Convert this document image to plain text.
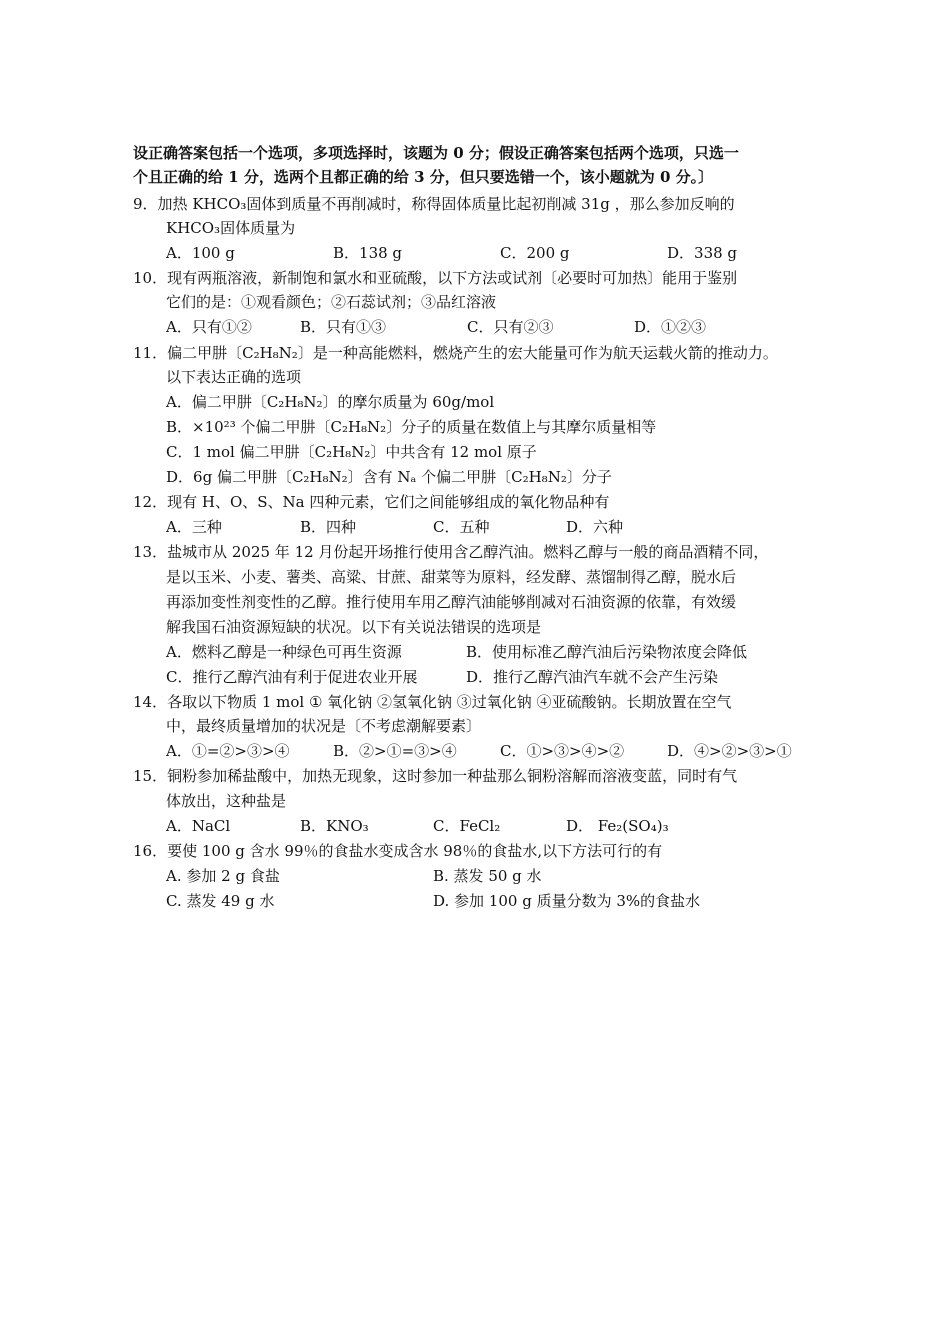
设正确答案包括一个选项，多项选择时，该题为 0 分；假设正确答案包括两个选项，只选一
个且正确的给 1 分，选两个且都正确的给 3 分，但只要选错一个，该小题就为 0 分。〕
9．加热 KHCO₃固体到质量不再削减时，称得固体质量比起初削减 31g ，那么参加反响的
KHCO₃固体质量为
A．100 g	B．138 g	C．200 g	D．338 g
10．现有两瓶溶液，新制饱和氯水和亚硫酸，以下方法或试剂〔必要时可加热〕能用于鉴别
它们的是：①观看颜色；②石蕊试剂；③品红溶液
A．只有①②	B．只有①③	C．只有②③	D．①②③
11．偏二甲肼〔C₂H₈N₂〕是一种高能燃料，燃烧产生的宏大能量可作为航天运载火箭的推动力。
以下表达正确的选项
A．偏二甲肼〔C₂H₈N₂〕的摩尔质量为 60g/mol
B．×10²³ 个偏二甲肼〔C₂H₈N₂〕分子的质量在数值上与其摩尔质量相等
C．1 mol 偏二甲肼〔C₂H₈N₂〕中共含有 12 mol 原子
D．6g 偏二甲肼〔C₂H₈N₂〕含有 Nₐ 个偏二甲肼〔C₂H₈N₂〕分子
12．现有 H、O、S、Na 四种元素，它们之间能够组成的氧化物品种有
A．三种	B．四种	C．五种	D．六种
13．盐城市从 2025 年 12 月份起开场推行使用含乙醇汽油。燃料乙醇与一般的商品酒精不同，
是以玉米、小麦、薯类、高粱、甘蔗、甜菜等为原料，经发酵、蒸馏制得乙醇，脱水后
再添加变性剂变性的乙醇。推行使用车用乙醇汽油能够削减对石油资源的依靠，有效缓
解我国石油资源短缺的状况。以下有关说法错误的选项是
A．燃料乙醇是一种绿色可再生资源	B．使用标准乙醇汽油后污染物浓度会降低
C．推行乙醇汽油有利于促进农业开展	D．推行乙醇汽油汽车就不会产生污染
14．各取以下物质 1 mol ① 氧化钠 ②氢氧化钠 ③过氧化钠 ④亚硫酸钠。长期放置在空气
中，最终质量增加的状况是〔不考虑潮解要素〕
A．①=②>③>④	B．②>①=③>④	C．①>③>④>②	D．④>②>③>①
15．铜粉参加稀盐酸中，加热无现象，这时参加一种盐那么铜粉溶解而溶液变蓝，同时有气
体放出，这种盐是
A．NaCl	B．KNO₃	C．FeCl₂	D． Fe₂(SO₄)₃
16．要使 100 g 含水 99％的食盐水变成含水 98％的食盐水,以下方法可行的有
A. 参加 2 g 食盐	B. 蒸发 50 g 水
C. 蒸发 49 g 水	D. 参加 100 g 质量分数为 3%的食盐水
